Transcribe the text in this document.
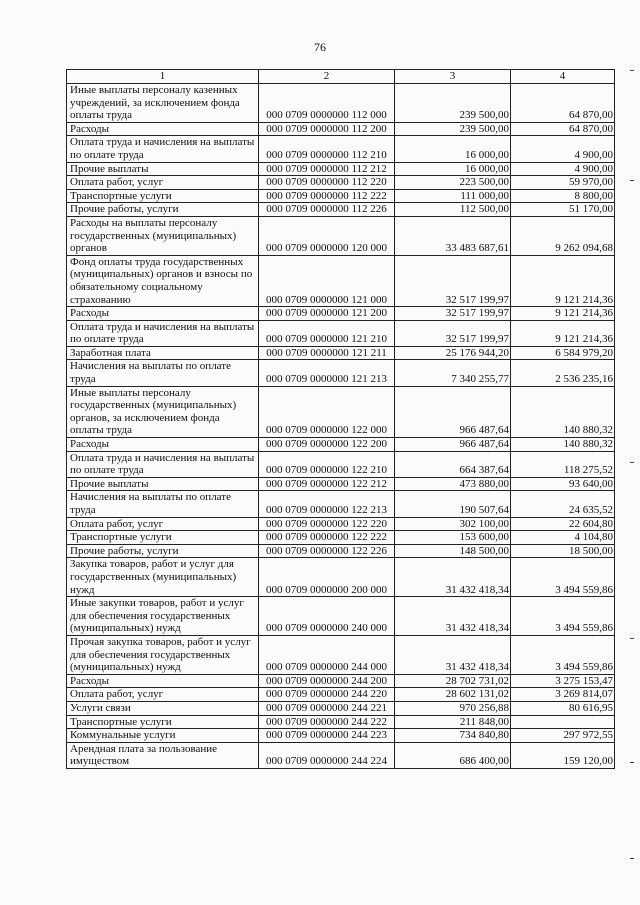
76
1	2	3	4
Иные выплаты персоналу казенных учреждений, за исключением фонда оплаты труда	000 0709 0000000 112 000	239 500,00	64 870,00
Расходы	000 0709 0000000 112 200	239 500,00	64 870,00
Оплата труда и начисления на выплаты по оплате труда	000 0709 0000000 112 210	16 000,00	4 900,00
Прочие выплаты	000 0709 0000000 112 212	16 000,00	4 900,00
Оплата работ, услуг	000 0709 0000000 112 220	223 500,00	59 970,00
Транспортные услуги	000 0709 0000000 112 222	111 000,00	8 800,00
Прочие работы, услуги	000 0709 0000000 112 226	112 500,00	51 170,00
Расходы на выплаты персоналу государственных (муниципальных) органов	000 0709 0000000 120 000	33 483 687,61	9 262 094,68
Фонд оплаты труда государственных (муниципальных) органов и взносы по обязательному социальному страхованию	000 0709 0000000 121 000	32 517 199,97	9 121 214,36
Расходы	000 0709 0000000 121 200	32 517 199,97	9 121 214,36
Оплата труда и начисления на выплаты по оплате труда	000 0709 0000000 121 210	32 517 199,97	9 121 214,36
Заработная плата	000 0709 0000000 121 211	25 176 944,20	6 584 979,20
Начисления на выплаты по оплате труда	000 0709 0000000 121 213	7 340 255,77	2 536 235,16
Иные выплаты персоналу государственных (муниципальных) органов, за исключением фонда оплаты труда	000 0709 0000000 122 000	966 487,64	140 880,32
Расходы	000 0709 0000000 122 200	966 487,64	140 880,32
Оплата труда и начисления на выплаты по оплате труда	000 0709 0000000 122 210	664 387,64	118 275,52
Прочие выплаты	000 0709 0000000 122 212	473 880,00	93 640,00
Начисления на выплаты по оплате труда	000 0709 0000000 122 213	190 507,64	24 635,52
Оплата работ, услуг	000 0709 0000000 122 220	302 100,00	22 604,80
Транспортные услуги	000 0709 0000000 122 222	153 600,00	4 104,80
Прочие работы, услуги	000 0709 0000000 122 226	148 500,00	18 500,00
Закупка товаров, работ и услуг для государственных (муниципальных) нужд	000 0709 0000000 200 000	31 432 418,34	3 494 559,86
Иные закупки товаров, работ и услуг для обеспечения государственных (муниципальных) нужд	000 0709 0000000 240 000	31 432 418,34	3 494 559,86
Прочая закупка товаров, работ и услуг для обеспечения государственных (муниципальных) нужд	000 0709 0000000 244 000	31 432 418,34	3 494 559,86
Расходы	000 0709 0000000 244 200	28 702 731,02	3 275 153,47
Оплата работ, услуг	000 0709 0000000 244 220	28 602 131,02	3 269 814,07
Услуги связи	000 0709 0000000 244 221	970 256,88	80 616,95
Транспортные услуги	000 0709 0000000 244 222	211 848,00	
Коммунальные услуги	000 0709 0000000 244 223	734 840,80	297 972,55
Арендная плата за пользование имуществом	000 0709 0000000 244 224	686 400,00	159 120,00
